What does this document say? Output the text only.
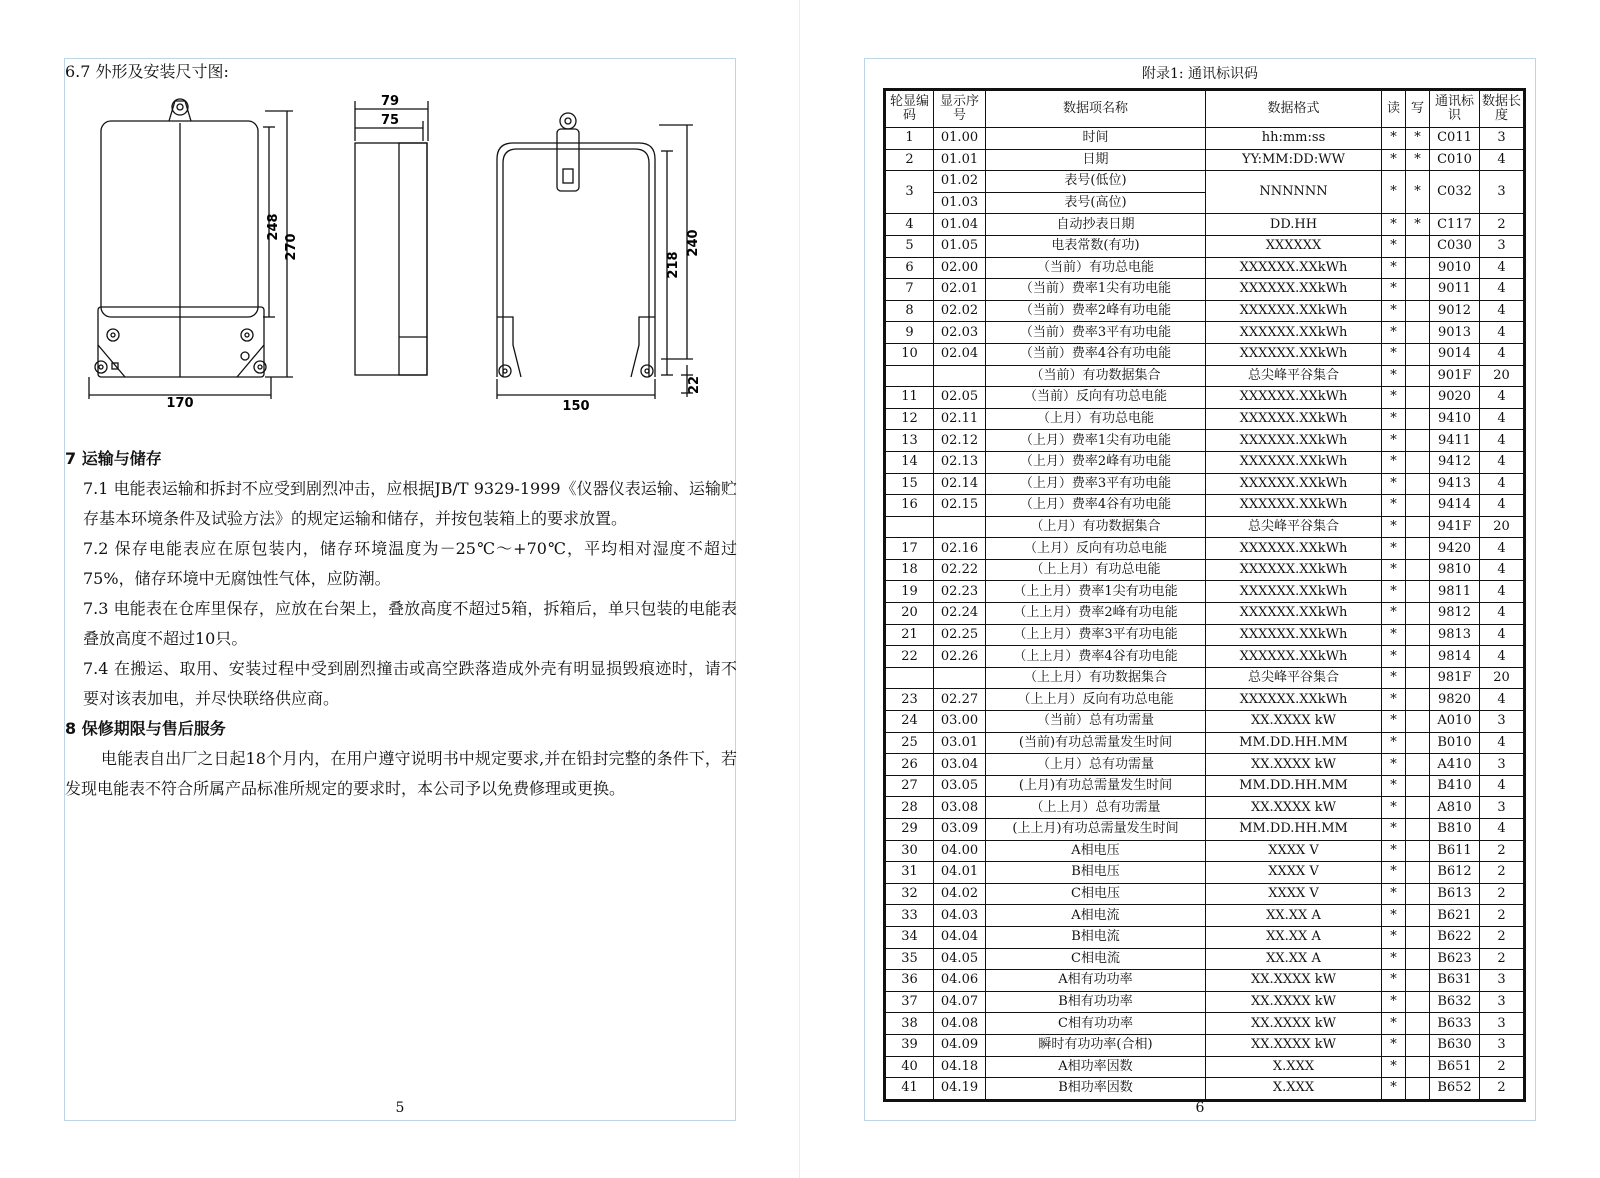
6.7 外形及安装尺寸图:
170
248
270
79
75
150
218
240
22

7 运输与储存

7.1 电能表运输和拆封不应受到剧烈冲击，应根据JB/T 9329-1999《仪器仪表运输、运输贮存基本环境条件及试验方法》的规定运输和储存，并按包装箱上的要求放置。

7.2 保存电能表应在原包装内，储存环境温度为－25℃～+70℃，平均相对湿度不超过75%，储存环境中无腐蚀性气体，应防潮。

7.3 电能表在仓库里保存，应放在台架上，叠放高度不超过5箱，拆箱后，单只包装的电能表叠放高度不超过10只。

7.4 在搬运、取用、安装过程中受到剧烈撞击或高空跌落造成外壳有明显损毁痕迹时，请不要对该表加电，并尽快联络供应商。

8 保修期限与售后服务

电能表自出厂之日起18个月内，在用户遵守说明书中规定要求,并在铅封完整的条件下，若发现电能表不符合所属产品标准所规定的要求时，本公司予以免费修理或更换。

5
附录1: 通讯标识码
轮显编码	显示序号	数据项名称	数据格式	读	写	通讯标识	数据长度
1	01.00	时间	hh:mm:ss	*	*	C011	3
2	01.01	日期	YY:MM:DD:WW	*	*	C010	4
3	01.02	表号(低位)	NNNNNN	*	*	C032	3
	01.03	表号(高位)					
4	01.04	自动抄表日期	DD.HH	*	*	C117	2
5	01.05	电表常数(有功)	XXXXXX	*		C030	3
6	02.00	（当前）有功总电能	XXXXXX.XXkWh	*		9010	4
7	02.01	（当前）费率1尖有功电能	XXXXXX.XXkWh	*		9011	4
8	02.02	（当前）费率2峰有功电能	XXXXXX.XXkWh	*		9012	4
9	02.03	（当前）费率3平有功电能	XXXXXX.XXkWh	*		9013	4
10	02.04	（当前）费率4谷有功电能	XXXXXX.XXkWh	*		9014	4
		（当前）有功数据集合	总尖峰平谷集合	*		901F	20
11	02.05	（当前）反向有功总电能	XXXXXX.XXkWh	*		9020	4
12	02.11	（上月）有功总电能	XXXXXX.XXkWh	*		9410	4
13	02.12	（上月）费率1尖有功电能	XXXXXX.XXkWh	*		9411	4
14	02.13	（上月）费率2峰有功电能	XXXXXX.XXkWh	*		9412	4
15	02.14	（上月）费率3平有功电能	XXXXXX.XXkWh	*		9413	4
16	02.15	（上月）费率4谷有功电能	XXXXXX.XXkWh	*		9414	4
		（上月）有功数据集合	总尖峰平谷集合	*		941F	20
17	02.16	（上月）反向有功总电能	XXXXXX.XXkWh	*		9420	4
18	02.22	（上上月）有功总电能	XXXXXX.XXkWh	*		9810	4
19	02.23	（上上月）费率1尖有功电能	XXXXXX.XXkWh	*		9811	4
20	02.24	（上上月）费率2峰有功电能	XXXXXX.XXkWh	*		9812	4
21	02.25	（上上月）费率3平有功电能	XXXXXX.XXkWh	*		9813	4
22	02.26	（上上月）费率4谷有功电能	XXXXXX.XXkWh	*		9814	4
		（上上月）有功数据集合	总尖峰平谷集合	*		981F	20
23	02.27	（上上月）反向有功总电能	XXXXXX.XXkWh	*		9820	4
24	03.00	（当前）总有功需量	XX.XXXX kW	*		A010	3
25	03.01	(当前)有功总需量发生时间	MM.DD.HH.MM	*		B010	4
26	03.04	（上月）总有功需量	XX.XXXX kW	*		A410	3
27	03.05	(上月)有功总需量发生时间	MM.DD.HH.MM	*		B410	4
28	03.08	（上上月）总有功需量	XX.XXXX kW	*		A810	3
29	03.09	(上上月)有功总需量发生时间	MM.DD.HH.MM	*		B810	4
30	04.00	A相电压	XXXX V	*		B611	2
31	04.01	B相电压	XXXX V	*		B612	2
32	04.02	C相电压	XXXX V	*		B613	2
33	04.03	A相电流	XX.XX A	*		B621	2
34	04.04	B相电流	XX.XX A	*		B622	2
35	04.05	C相电流	XX.XX A	*		B623	2
36	04.06	A相有功功率	XX.XXXX kW	*		B631	3
37	04.07	B相有功功率	XX.XXXX kW	*		B632	3
38	04.08	C相有功功率	XX.XXXX kW	*		B633	3
39	04.09	瞬时有功功率(合相)	XX.XXXX kW	*		B630	3
40	04.18	A相功率因数	X.XXX	*		B651	2
41	04.19	B相功率因数	X.XXX	*		B652	2
6
